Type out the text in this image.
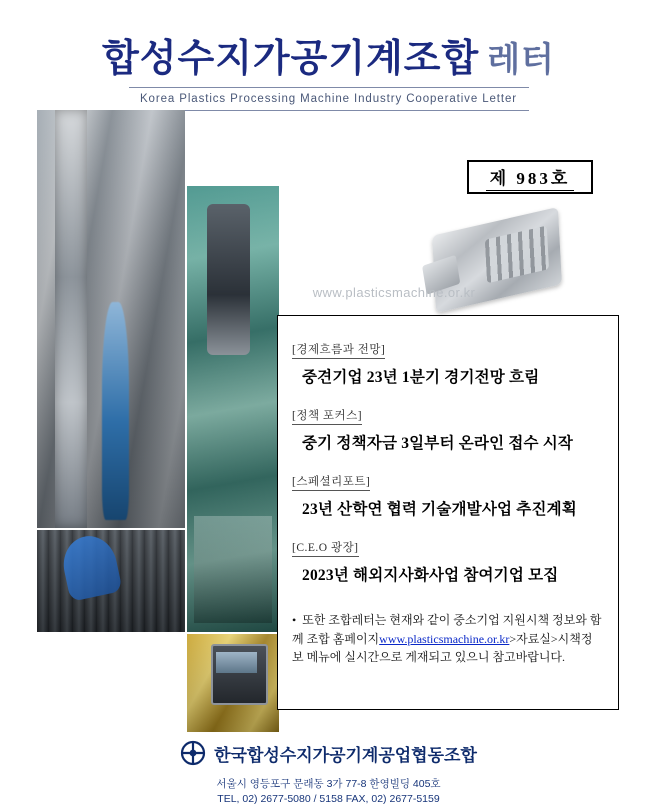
합성수지가공기계조합 레터
Korea Plastics Processing Machine Industry Cooperative Letter
제 983호
www.plasticsmachine.or.kr
[경제흐름과 전망]
중견기업 23년 1분기 경기전망 흐림
[정책 포커스]
중기 정책자금 3일부터 온라인 접수 시작
[스페셜리포트]
23년 산학연 협력 기술개발사업 추진계획
[C.E.O 광장]
2023년 해외지사화사업 참여기업 모집
• 또한 조합레터는 현재와 같이 중소기업 지원시책 정보와 함께 조합 홈페이지www.plasticsmachine.or.kr>자료실>시책정보 메뉴에 실시간으로 게재되고 있으니 참고바랍니다.
한국합성수지가공기계공업협동조합
서울시 영등포구 문래동 3가 77-8 한영빌딩 405호
TEL, 02) 2677-5080 / 5158 FAX, 02) 2677-5159
